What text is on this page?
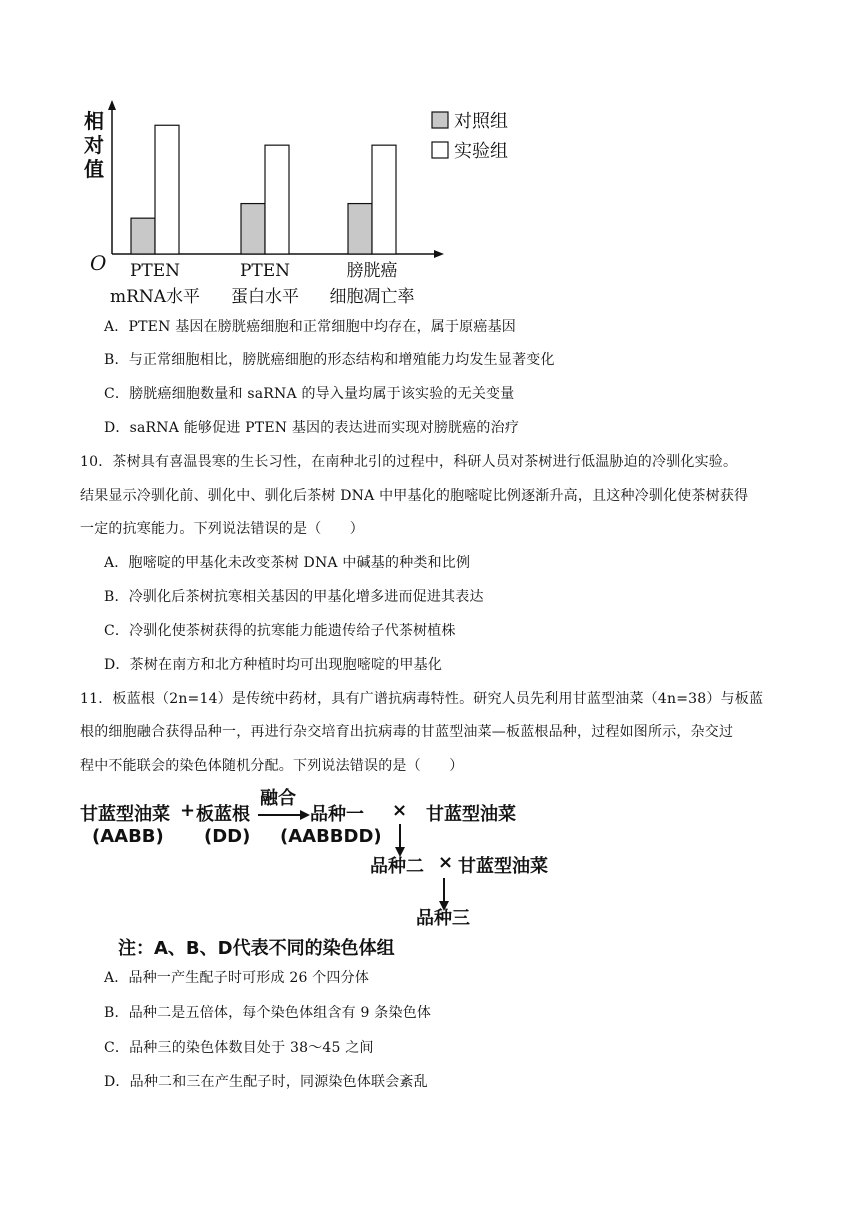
相
对
值
O PTEN
mRNA水平
PTEN
蛋白水平
膀胱癌
细胞凋亡率
对照组
实验组
A．PTEN 基因在膀胱癌细胞和正常细胞中均存在，属于原癌基因
B．与正常细胞相比，膀胱癌细胞的形态结构和增殖能力均发生显著变化
C．膀胱癌细胞数量和 saRNA 的导入量均属于该实验的无关变量
D．saRNA 能够促进 PTEN 基因的表达进而实现对膀胱癌的治疗
10．茶树具有喜温畏寒的生长习性，在南种北引的过程中，科研人员对茶树进行低温胁迫的冷驯化实验。
结果显示冷驯化前、驯化中、驯化后茶树 DNA 中甲基化的胞嘧啶比例逐渐升高，且这种冷驯化使茶树获得
一定的抗寒能力。下列说法错误的是（　　）
A．胞嘧啶的甲基化未改变茶树 DNA 中碱基的种类和比例
B．冷驯化后茶树抗寒相关基因的甲基化增多进而促进其表达
C．冷驯化使茶树获得的抗寒能力能遗传给子代茶树植株
D．茶树在南方和北方种植时均可出现胞嘧啶的甲基化
11．板蓝根（2n=14）是传统中药材，具有广谱抗病毒特性。研究人员先利用甘蓝型油菜（4n=38）与板蓝
根的细胞融合获得品种一，再进行杂交培育出抗病毒的甘蓝型油菜—板蓝根品种，过程如图所示，杂交过
程中不能联会的染色体随机分配。下列说法错误的是（　　）
甘蓝型油菜 + 板蓝根
(AABB) (DD)
融合
品种一
(AABBDD)
× 甘蓝型油菜
品种二 × 甘蓝型油菜
品种三
注：A、B、D代表不同的染色体组
A．品种一产生配子时可形成 26 个四分体
B．品种二是五倍体，每个染色体组含有 9 条染色体
C．品种三的染色体数目处于 38～45 之间
D．品种二和三在产生配子时，同源染色体联会紊乱
